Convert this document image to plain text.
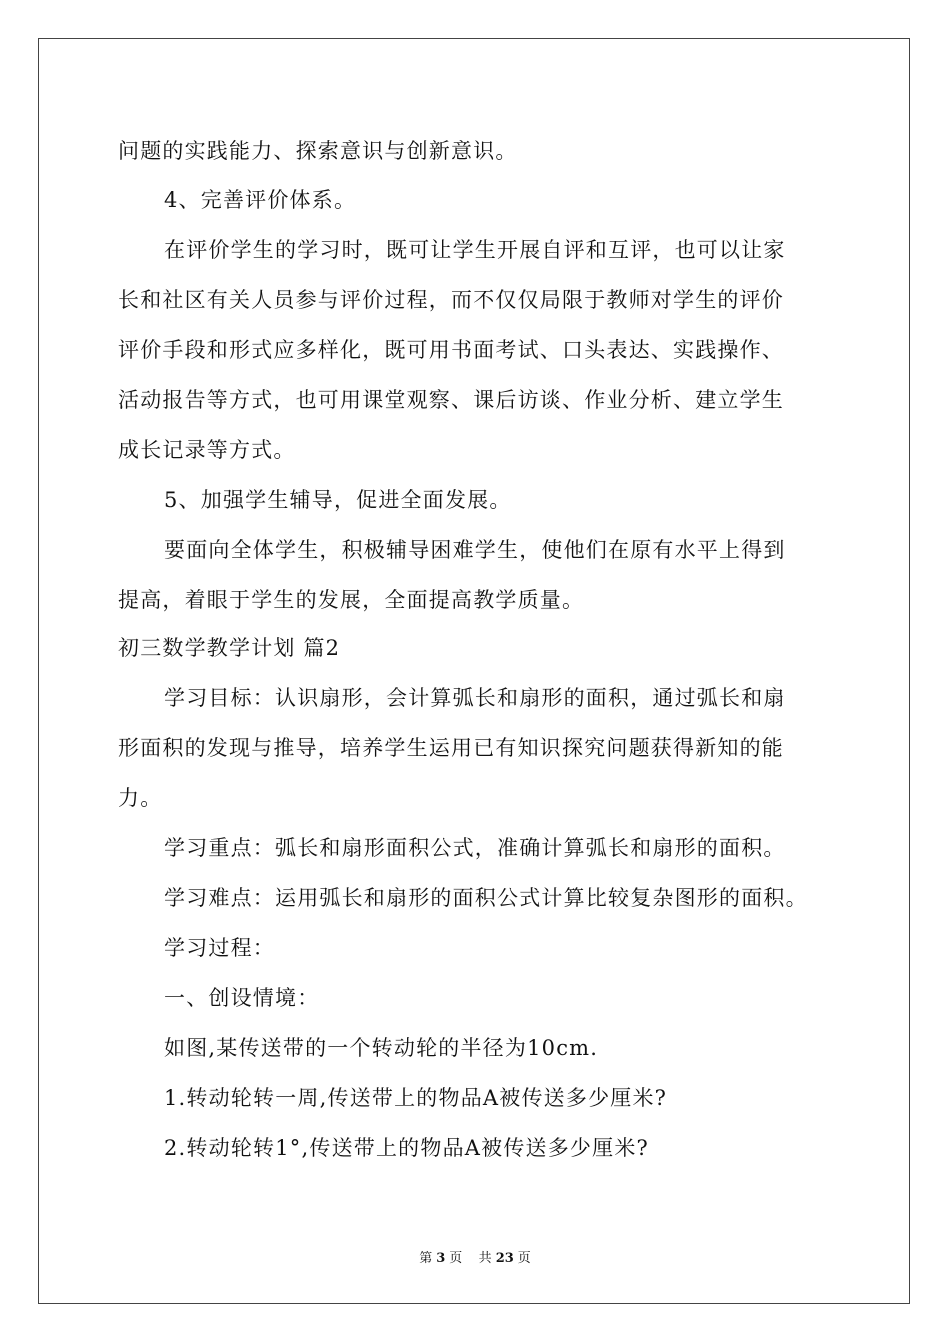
问题的实践能力、探索意识与创新意识。
4、完善评价体系。
在评价学生的学习时，既可让学生开展自评和互评，也可以让家
长和社区有关人员参与评价过程，而不仅仅局限于教师对学生的评价
评价手段和形式应多样化，既可用书面考试、口头表达、实践操作、
活动报告等方式，也可用课堂观察、课后访谈、作业分析、建立学生
成长记录等方式。
5、加强学生辅导，促进全面发展。
要面向全体学生，积极辅导困难学生，使他们在原有水平上得到
提高，着眼于学生的发展，全面提高教学质量。
初三数学教学计划 篇2
学习目标：认识扇形，会计算弧长和扇形的面积，通过弧长和扇
形面积的发现与推导，培养学生运用已有知识探究问题获得新知的能
力。
学习重点：弧长和扇形面积公式，准确计算弧长和扇形的面积。
学习难点：运用弧长和扇形的面积公式计算比较复杂图形的面积。
学习过程：
一、创设情境：
如图,某传送带的一个转动轮的半径为10cm.
1.转动轮转一周,传送带上的物品A被传送多少厘米?
2.转动轮转1°,传送带上的物品A被传送多少厘米?
第 3 页 共 23 页
